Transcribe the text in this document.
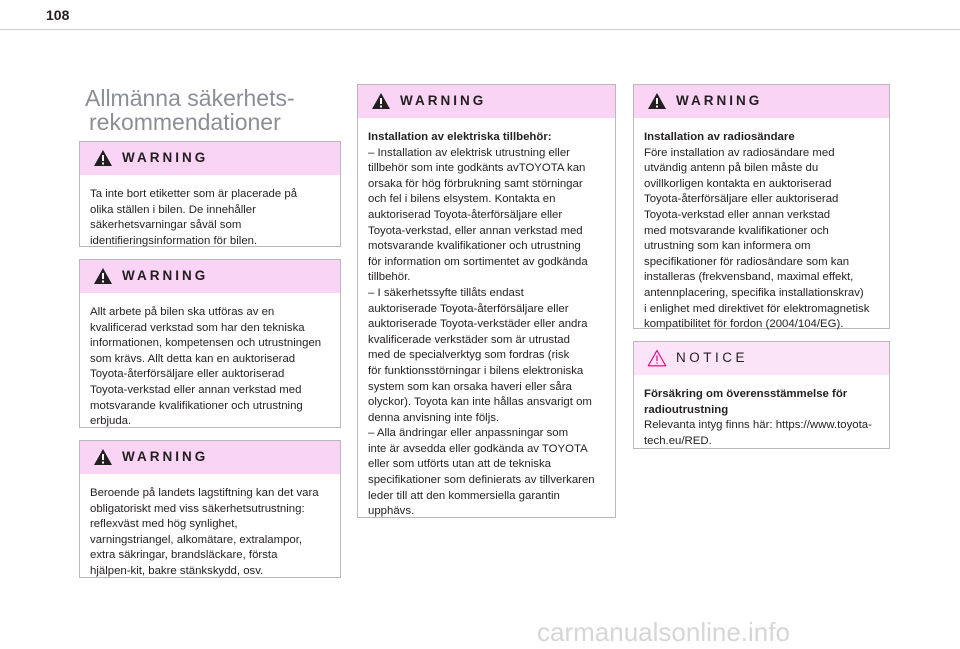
108
Allmänna säkerhets-
rekommendationer
WARNING
Ta inte bort etiketter som är placerade på
olika ställen i bilen. De innehåller
säkerhetsvarningar såväl som
identifieringsinformation för bilen.
WARNING
Allt arbete på bilen ska utföras av en
kvalificerad verkstad som har den tekniska
informationen, kompetensen och utrustningen
som krävs. Allt detta kan en auktoriserad
Toyota-återförsäljare eller auktoriserad
Toyota-verkstad eller annan verkstad med
motsvarande kvalifikationer och utrustning
erbjuda.
WARNING
Beroende på landets lagstiftning kan det vara
obligatoriskt med viss säkerhetsutrustning:
reflexväst med hög synlighet,
varningstriangel, alkomätare, extralampor,
extra säkringar, brandsläckare, första
hjälpen-kit, bakre stänkskydd, osv.
WARNING
Installation av elektriska tillbehör:
– Installation av elektrisk utrustning eller
tillbehör som inte godkänts avTOYOTA kan
orsaka för hög förbrukning samt störningar
och fel i bilens elsystem. Kontakta en
auktoriserad Toyota-återförsäljare eller
Toyota-verkstad, eller annan verkstad med
motsvarande kvalifikationer och utrustning
för information om sortimentet av godkända
tillbehör.
– I säkerhetssyfte tillåts endast
auktoriserade Toyota-återförsäljare eller
auktoriserade Toyota-verkstäder eller andra
kvalificerade verkstäder som är utrustad
med de specialverktyg som fordras (risk
för funktionsstörningar i bilens elektroniska
system som kan orsaka haveri eller såra
olyckor). Toyota kan inte hållas ansvarigt om
denna anvisning inte följs.
– Alla ändringar eller anpassningar som
inte är avsedda eller godkända av TOYOTA
eller som utförts utan att de tekniska
specifikationer som definierats av tillverkaren
leder till att den kommersiella garantin
upphävs.
WARNING
Installation av radiosändare
Före installation av radiosändare med
utvändig antenn på bilen måste du
ovillkorligen kontakta en auktoriserad
Toyota-återförsäljare eller auktoriserad
Toyota-verkstad eller annan verkstad
med motsvarande kvalifikationer och
utrustning som kan informera om
specifikationer för radiosändare som kan
installeras (frekvensband, maximal effekt,
antennplacering, specifika installationskrav)
i enlighet med direktivet för elektromagnetisk
kompatibilitet för fordon (2004/104/EG).
NOTICE
Försäkring om överensstämmelse för
radioutrustning
Relevanta intyg finns här: https://www.toyota-
tech.eu/RED.
carmanualsonline.info
